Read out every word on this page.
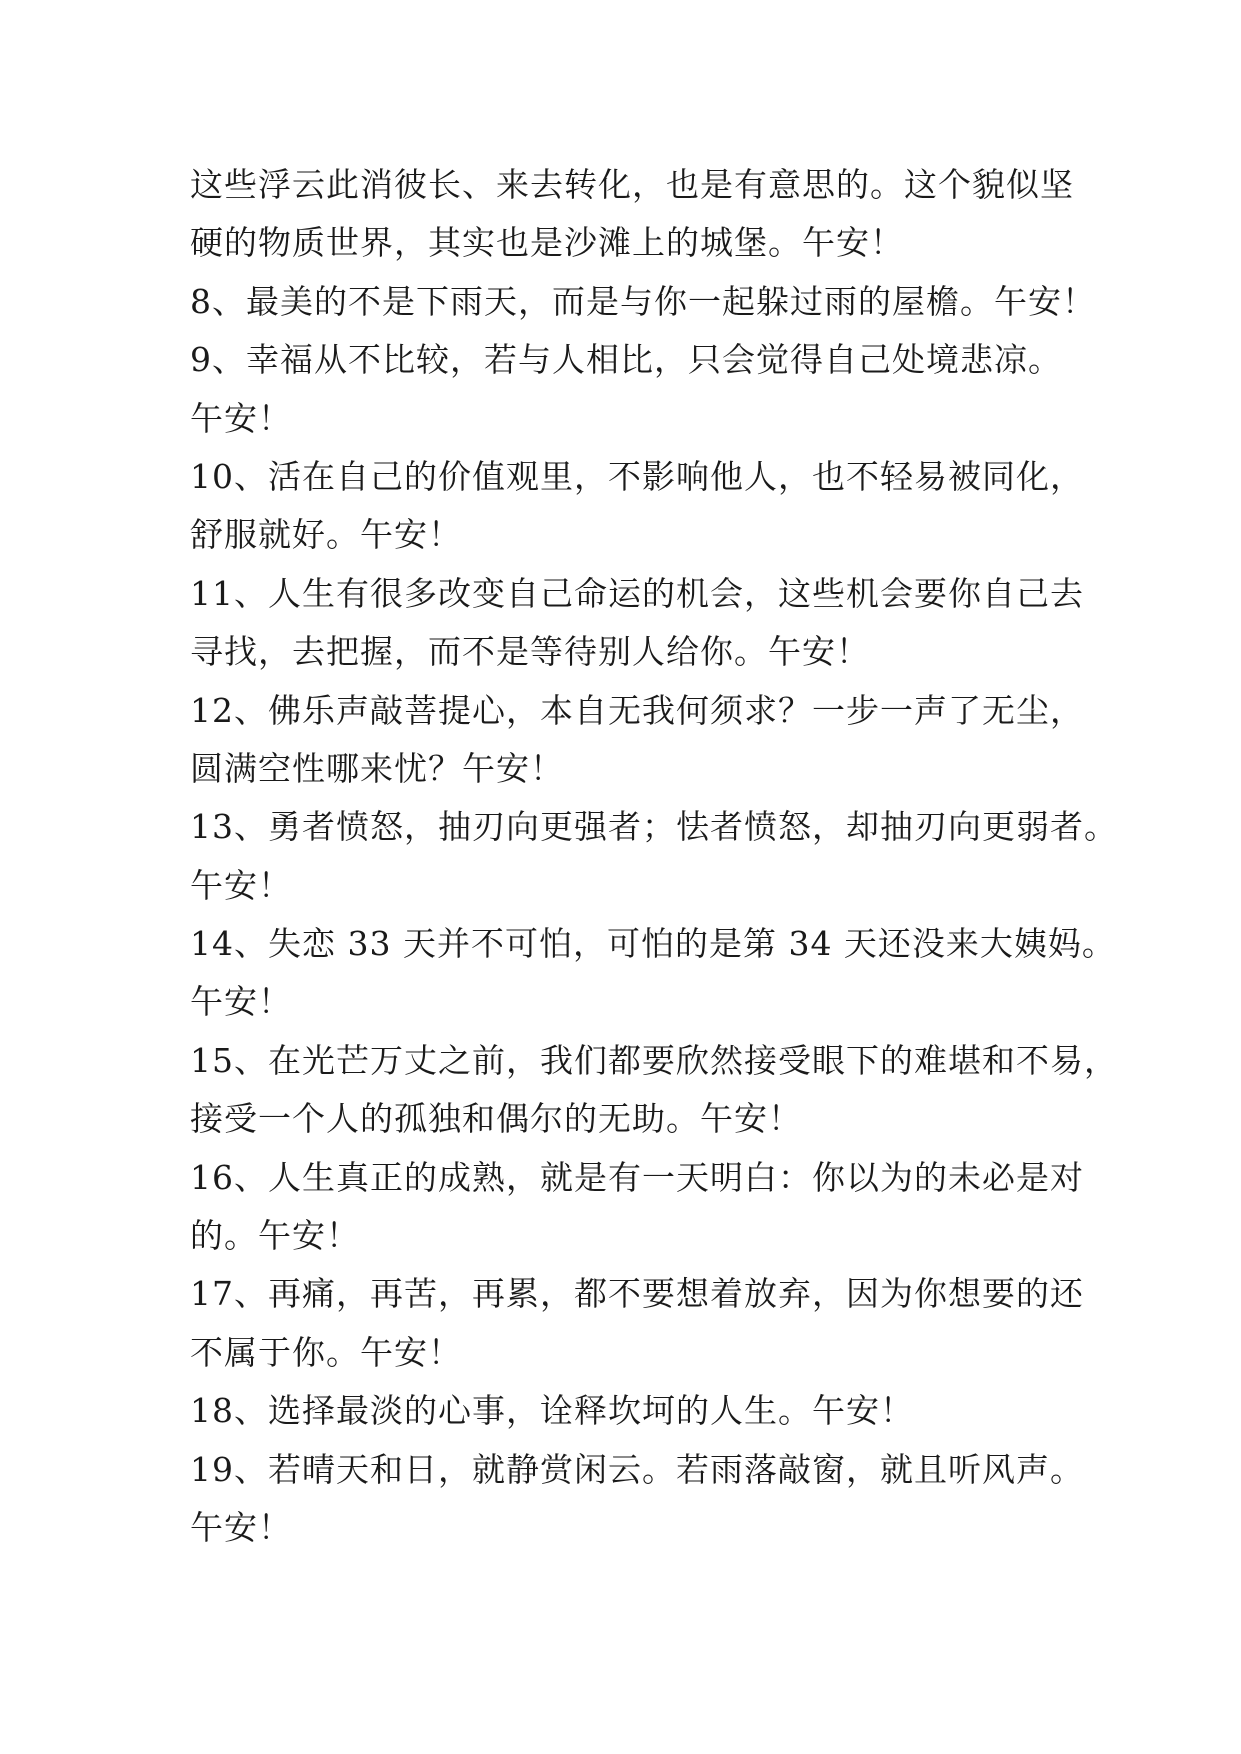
这些浮云此消彼长、来去转化，也是有意思的。这个貌似坚
硬的物质世界，其实也是沙滩上的城堡。午安！
8、最美的不是下雨天，而是与你一起躲过雨的屋檐。午安！
9、幸福从不比较，若与人相比，只会觉得自己处境悲凉。
午安！
10、活在自己的价值观里，不影响他人，也不轻易被同化，
舒服就好。午安！
11、人生有很多改变自己命运的机会，这些机会要你自己去
寻找，去把握，而不是等待别人给你。午安！
12、佛乐声敲菩提心，本自无我何须求？一步一声了无尘，
圆满空性哪来忧？午安！
13、勇者愤怒，抽刃向更强者；怯者愤怒，却抽刃向更弱者。
午安！
14、失恋 33 天并不可怕，可怕的是第 34 天还没来大姨妈。
午安！
15、在光芒万丈之前，我们都要欣然接受眼下的难堪和不易，
接受一个人的孤独和偶尔的无助。午安！
16、人生真正的成熟，就是有一天明白：你以为的未必是对
的。午安！
17、再痛，再苦，再累，都不要想着放弃，因为你想要的还
不属于你。午安！
18、选择最淡的心事，诠释坎坷的人生。午安！
19、若晴天和日，就静赏闲云。若雨落敲窗，就且听风声。
午安！
